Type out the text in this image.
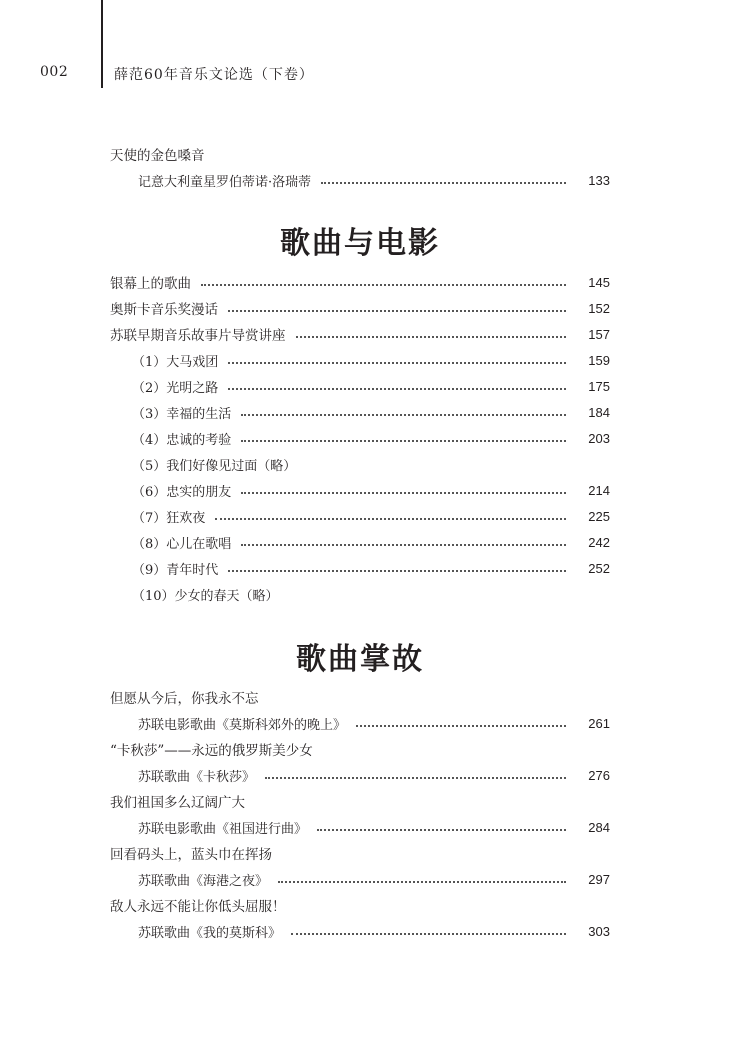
002	薛范60年音乐文论选（下卷）
天使的金色嗓音
记意大利童星罗伯蒂诺·洛瑞蒂	133
歌曲与电影
银幕上的歌曲	145
奥斯卡音乐奖漫话	152
苏联早期音乐故事片导赏讲座	157
（1）大马戏团	159
（2）光明之路	175
（3）幸福的生活	184
（4）忠诚的考验	203
（5）我们好像见过面（略）
（6）忠实的朋友	214
（7）狂欢夜	225
（8）心儿在歌唱	242
（9）青年时代	252
（10）少女的春天（略）
歌曲掌故
但愿从今后，你我永不忘
苏联电影歌曲《莫斯科郊外的晚上》	261
“卡秋莎”——永远的俄罗斯美少女
苏联歌曲《卡秋莎》	276
我们祖国多么辽阔广大
苏联电影歌曲《祖国进行曲》	284
回看码头上，蓝头巾在挥扬
苏联歌曲《海港之夜》	297
敌人永远不能让你低头屈服！
苏联歌曲《我的莫斯科》	303
